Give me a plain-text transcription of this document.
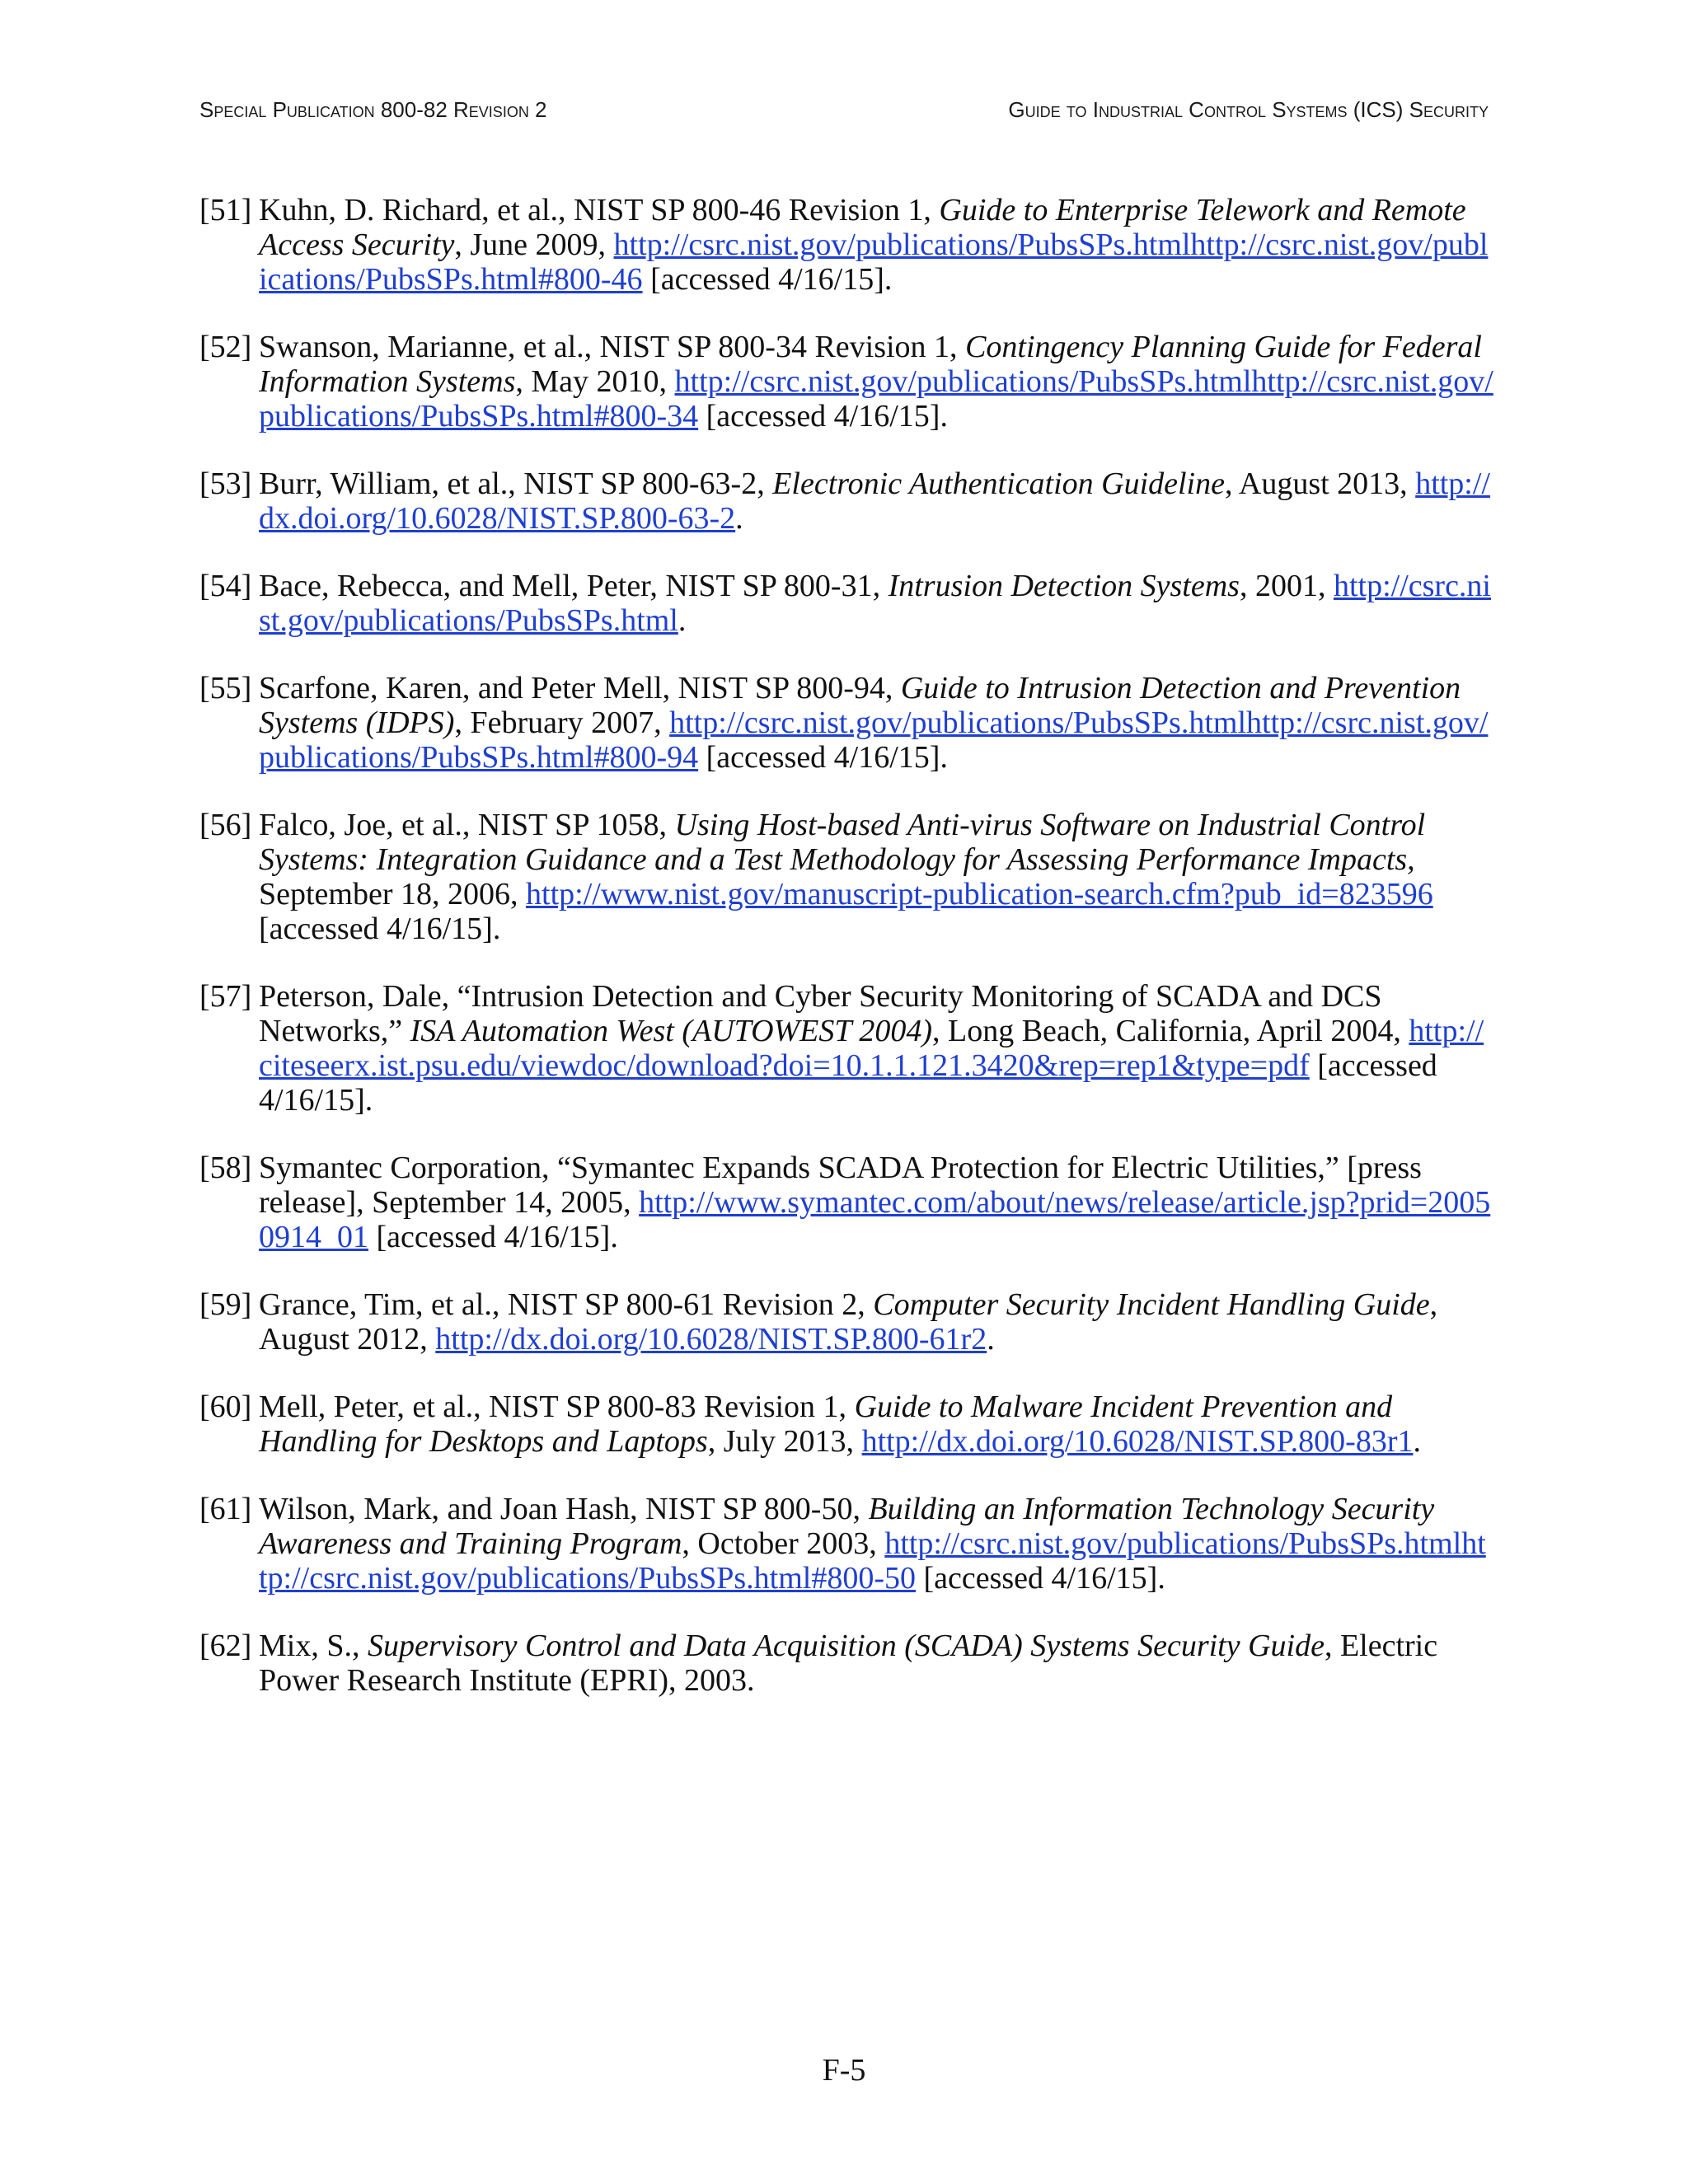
Special Publication 800-82 Revision 2	Guide to Industrial Control Systems (ICS) Security
[51] Kuhn, D. Richard, et al., NIST SP 800-46 Revision 1, Guide to Enterprise Telework and Remote Access Security, June 2009, http://csrc.nist.gov/publications/PubsSPs.htmlhttp://csrc.nist.gov/publications/PubsSPs.html#800-46 [accessed 4/16/15].
[52] Swanson, Marianne, et al., NIST SP 800-34 Revision 1, Contingency Planning Guide for Federal Information Systems, May 2010, http://csrc.nist.gov/publications/PubsSPs.htmlhttp://csrc.nist.gov/publications/PubsSPs.html#800-34 [accessed 4/16/15].
[53] Burr, William, et al., NIST SP 800-63-2, Electronic Authentication Guideline, August 2013, http://dx.doi.org/10.6028/NIST.SP.800-63-2.
[54] Bace, Rebecca, and Mell, Peter, NIST SP 800-31, Intrusion Detection Systems, 2001, http://csrc.nist.gov/publications/PubsSPs.html.
[55] Scarfone, Karen, and Peter Mell, NIST SP 800-94, Guide to Intrusion Detection and Prevention Systems (IDPS), February 2007, http://csrc.nist.gov/publications/PubsSPs.htmlhttp://csrc.nist.gov/publications/PubsSPs.html#800-94 [accessed 4/16/15].
[56] Falco, Joe, et al., NIST SP 1058, Using Host-based Anti-virus Software on Industrial Control Systems: Integration Guidance and a Test Methodology for Assessing Performance Impacts, September 18, 2006, http://www.nist.gov/manuscript-publication-search.cfm?pub_id=823596 [accessed 4/16/15].
[57] Peterson, Dale, “Intrusion Detection and Cyber Security Monitoring of SCADA and DCS Networks,” ISA Automation West (AUTOWEST 2004), Long Beach, California, April 2004, http://citeseerx.ist.psu.edu/viewdoc/download?doi=10.1.1.121.3420&rep=rep1&type=pdf [accessed 4/16/15].
[58] Symantec Corporation, “Symantec Expands SCADA Protection for Electric Utilities,” [press release], September 14, 2005, http://www.symantec.com/about/news/release/article.jsp?prid=20050914_01 [accessed 4/16/15].
[59] Grance, Tim, et al., NIST SP 800-61 Revision 2, Computer Security Incident Handling Guide, August 2012, http://dx.doi.org/10.6028/NIST.SP.800-61r2.
[60] Mell, Peter, et al., NIST SP 800-83 Revision 1, Guide to Malware Incident Prevention and Handling for Desktops and Laptops, July 2013, http://dx.doi.org/10.6028/NIST.SP.800-83r1.
[61] Wilson, Mark, and Joan Hash, NIST SP 800-50, Building an Information Technology Security Awareness and Training Program, October 2003, http://csrc.nist.gov/publications/PubsSPs.htmlhttp://csrc.nist.gov/publications/PubsSPs.html#800-50 [accessed 4/16/15].
[62] Mix, S., Supervisory Control and Data Acquisition (SCADA) Systems Security Guide, Electric Power Research Institute (EPRI), 2003.
F-5
